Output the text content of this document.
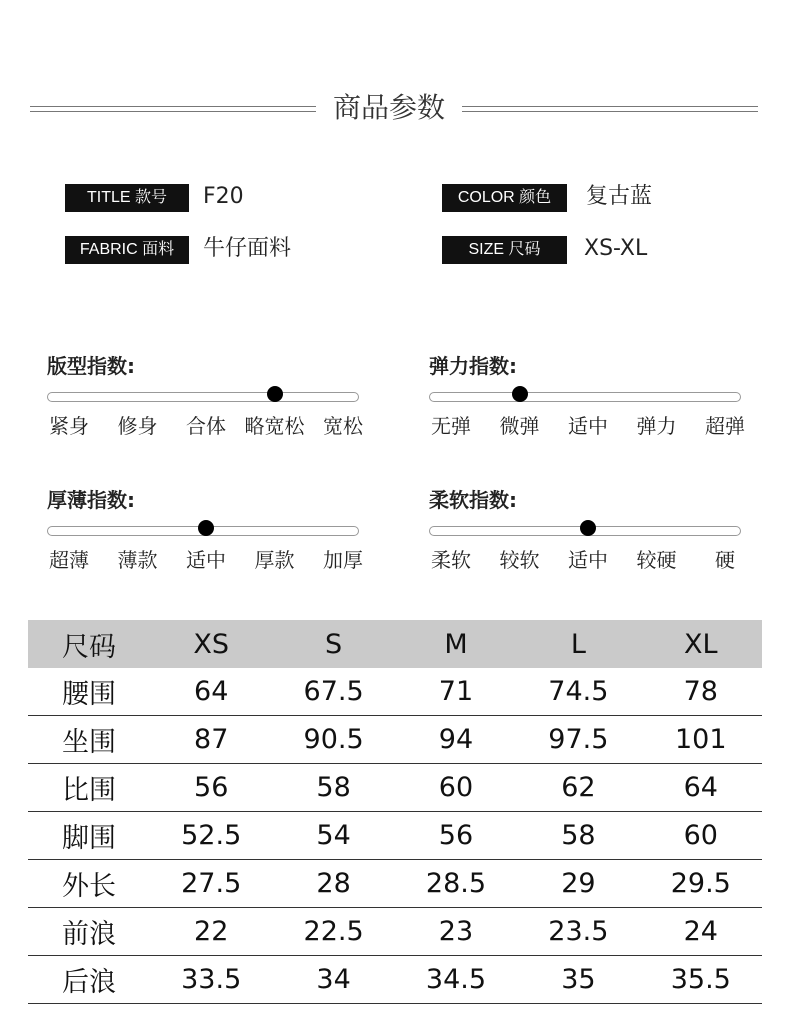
商品参数
TITLE 款号	F20	COLOR 颜色	复古蓝
FABRIC 面料	牛仔面料	SIZE 尺码	XS-XL
版型指数:
紧身 修身 合体 略宽松 宽松
弹力指数:
无弹 微弹 适中 弹力 超弹
厚薄指数:
超薄 薄款 适中 厚款 加厚
柔软指数:
柔软 较软 适中 较硬 硬
尺码	XS	S	M	L	XL
腰围	64	67.5	71	74.5	78
坐围	87	90.5	94	97.5	101
比围	56	58	60	62	64
脚围	52.5	54	56	58	60
外长	27.5	28	28.5	29	29.5
前浪	22	22.5	23	23.5	24
后浪	33.5	34	34.5	35	35.5
